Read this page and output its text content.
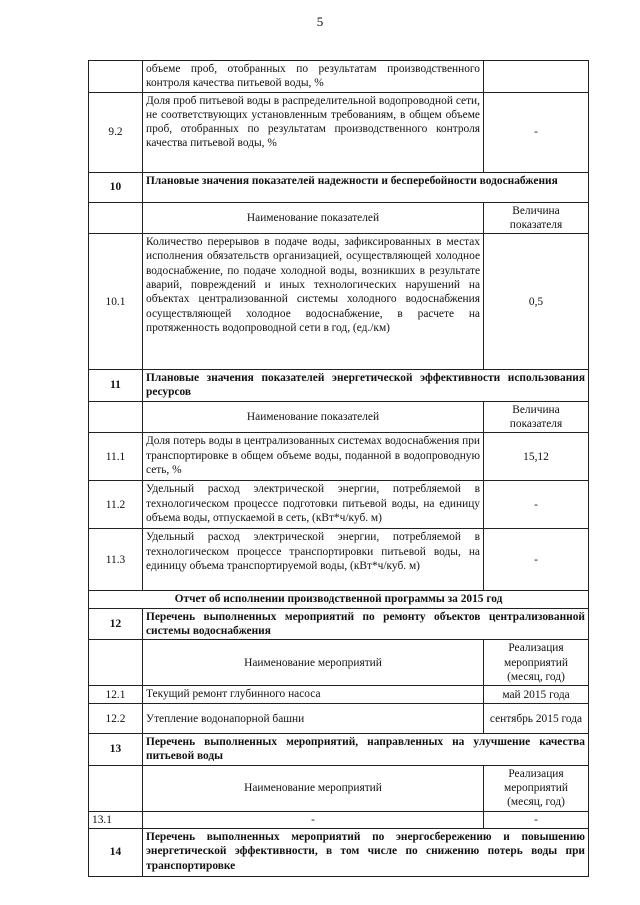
5
	объеме проб, отобранных по результатам производственного контроля качества питьевой воды, %	
9.2	Доля проб питьевой воды в распределительной водопроводной сети, не соответствующих установленным требованиям, в общем объеме проб, отобранных по результатам производственного контроля качества питьевой воды, %	-
10	Плановые значения показателей надежности и бесперебойности водоснабжения	
	Наименование показателей	Величина показателя
10.1	Количество перерывов в подаче воды, зафиксированных в местах исполнения обязательств организацией, осуществляющей холодное водоснабжение, по подаче холодной воды, возникших в результате аварий, повреждений и иных технологических нарушений на объектах централизованной системы холодного водоснабжения осуществляющей холодное водоснабжение, в расчете на протяженность водопроводной сети в год, (ед./км)	0,5
11	Плановые значения показателей энергетической эффективности использования ресурсов	
	Наименование показателей	Величина показателя
11.1	Доля потерь воды в централизованных системах водоснабжения при транспортировке в общем объеме воды, поданной в водопроводную сеть, %	15,12
11.2	Удельный расход электрической энергии, потребляемой в технологическом процессе подготовки питьевой воды, на единицу объема воды, отпускаемой в сеть, (кВт*ч/куб. м)	-
11.3	Удельный расход электрической энергии, потребляемой в технологическом процессе транспортировки питьевой воды, на единицу объема транспортируемой воды, (кВт*ч/куб. м)	-
Отчет об исполнении производственной программы за 2015 год		
12	Перечень выполненных мероприятий по ремонту объектов централизованной системы водоснабжения	
	Наименование мероприятий	Реализация мероприятий (месяц, год)
12.1	Текущий ремонт глубинного насоса	май 2015 года
12.2	Утепление водонапорной башни	сентябрь 2015 года
13	Перечень выполненных мероприятий, направленных на улучшение качества питьевой воды	
	Наименование мероприятий	Реализация мероприятий (месяц, год)
13.1	-	-
14	Перечень выполненных мероприятий по энергосбережению и повышению энергетической эффективности, в том числе по снижению потерь воды при транспортировке	
